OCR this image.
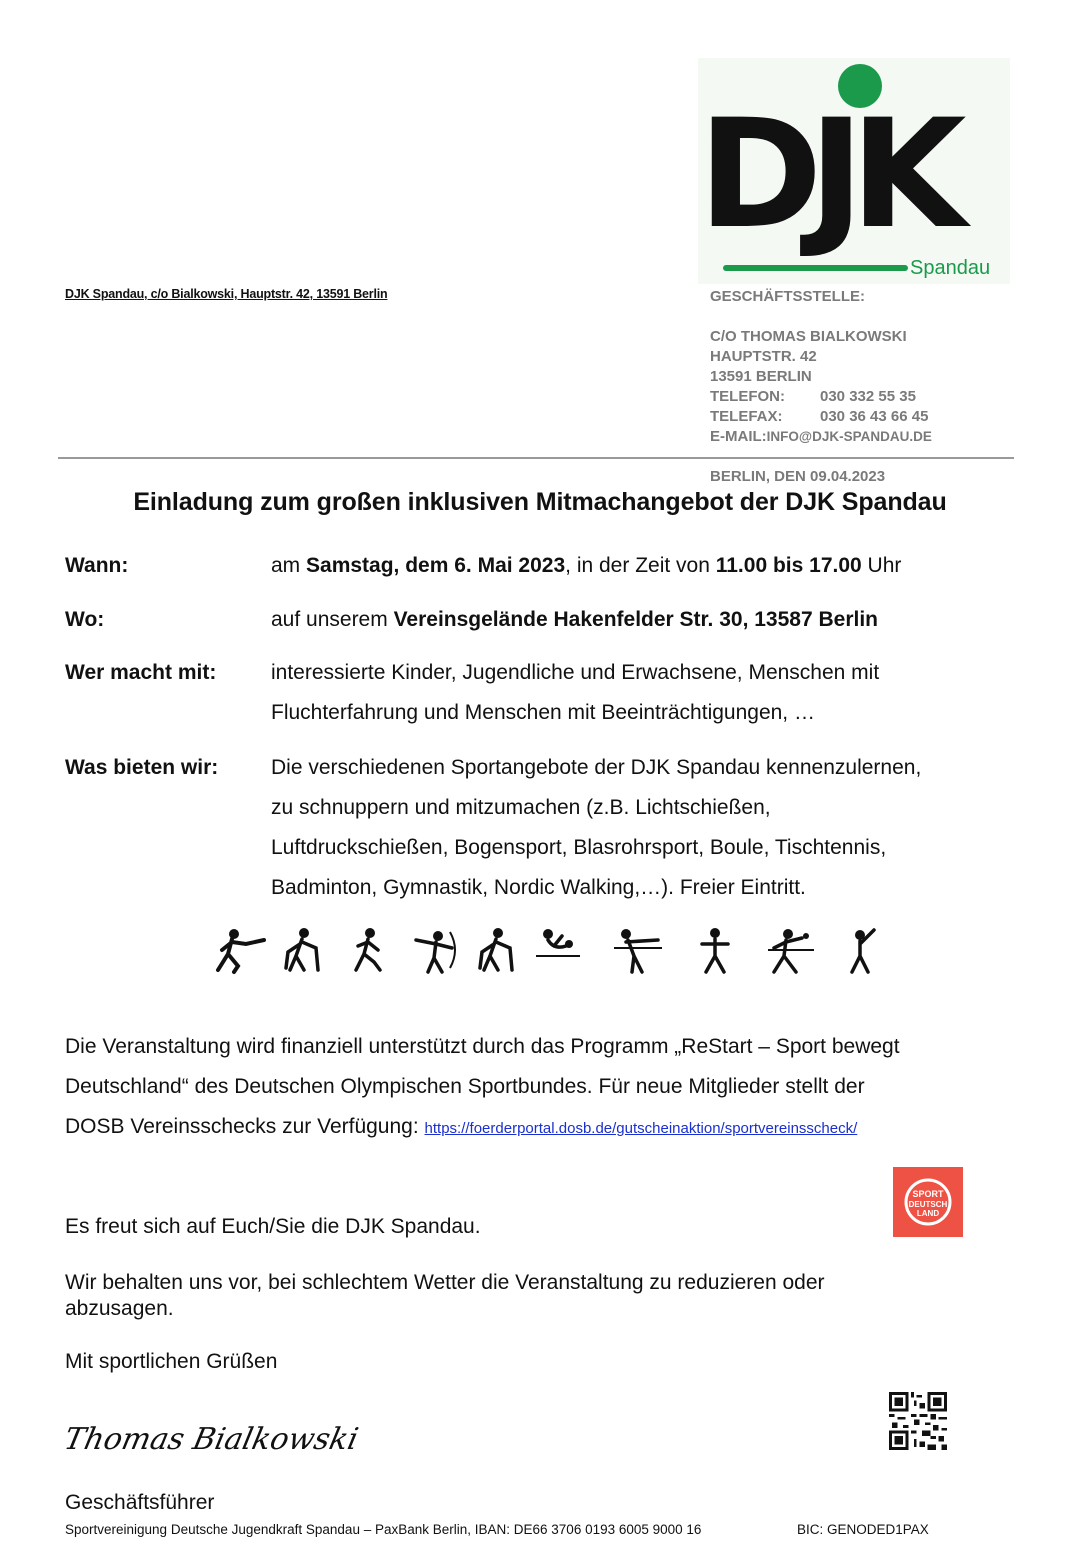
DJK Spandau, c/o Bialkowski, Hauptstr. 42, 13591 Berlin
DJK
Spandau
GESCHÄFTSSTELLE:
C/O THOMAS BIALKOWSKI
HAUPTSTR. 42
13591 BERLIN
TELEFON: 030 332 55 35
TELEFAX: 030 36 43 66 45
E-MAIL:INFO@DJK-SPANDAU.DE
BERLIN, DEN 09.04.2023
Einladung zum großen inklusiven Mitmachangebot der DJK Spandau
Wann:	am Samstag, dem 6. Mai 2023, in der Zeit von 11.00 bis 17.00 Uhr
Wo:	auf unserem Vereinsgelände Hakenfelder Str. 30, 13587 Berlin
Wer macht mit:	interessierte Kinder, Jugendliche und Erwachsene, Menschen mit
Fluchterfahrung und Menschen mit Beeinträchtigungen, …
Was bieten wir:	Die verschiedenen Sportangebote der DJK Spandau kennenzulernen,
zu schnuppern und mitzumachen (z.B. Lichtschießen,
Luftdruckschießen, Bogensport, Blasrohrsport, Boule, Tischtennis,
Badminton, Gymnastik, Nordic Walking,…). Freier Eintritt.
Die Veranstaltung wird finanziell unterstützt durch das Programm „ReStart – Sport bewegt
Deutschland“ des Deutschen Olympischen Sportbundes. Für neue Mitglieder stellt der
DOSB Vereinsschecks zur Verfügung: https://foerderportal.dosb.de/gutscheinaktion/sportvereinsscheck/
SPORT
DEUTSCH
LAND
Es freut sich auf Euch/Sie die DJK Spandau.
Wir behalten uns vor, bei schlechtem Wetter die Veranstaltung zu reduzieren oder
abzusagen.
Mit sportlichen Grüßen
Thomas Bialkowski
Geschäftsführer
Sportvereinigung Deutsche Jugendkraft Spandau – PaxBank Berlin, IBAN: DE66 3706 0193 6005 9000 16	BIC: GENODED1PAX
